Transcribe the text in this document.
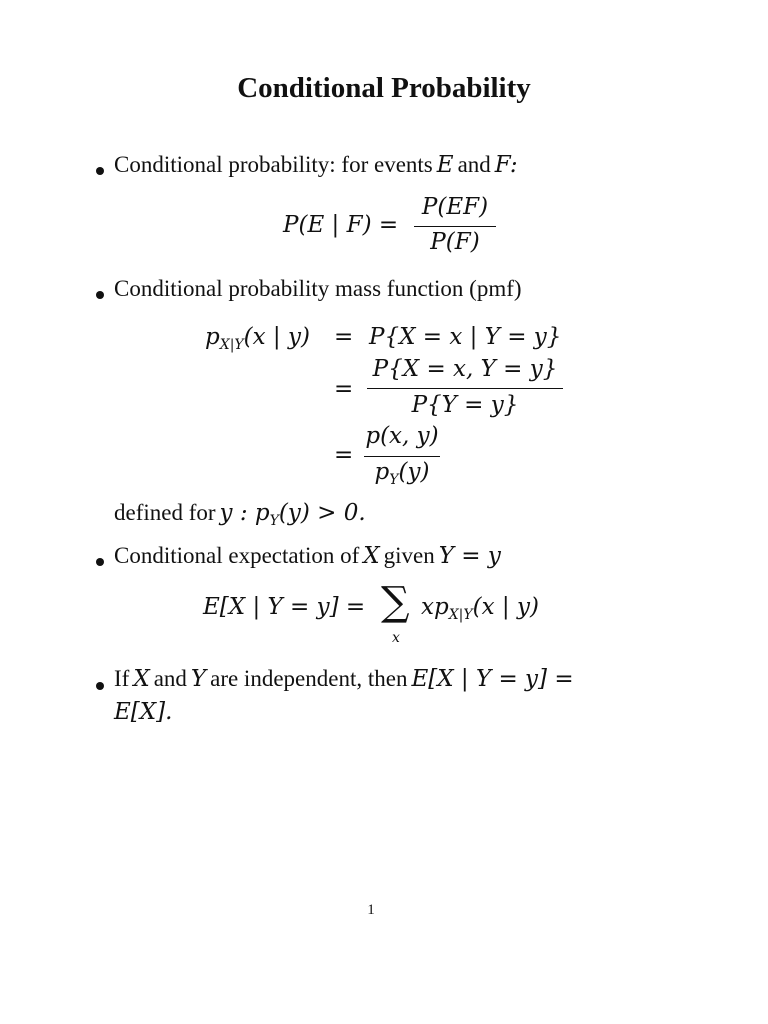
Conditional Probability
Conditional probability: for events E and F:
P(E | F) =
P(EF)
P(F)
Conditional probability mass function (pmf)
pX|Y(x | y) = P{X = x | Y = y}
=
P{X = x, Y = y}
P{Y = y}
=
p(x, y)
pY(y)
defined for y : pY(y) > 0.
Conditional expectation of X given Y = y
E[X | Y = y] = ∑
x
xpX|Y(x | y)
If X and Y are independent, then E[X | Y = y] =
E[X].
1
